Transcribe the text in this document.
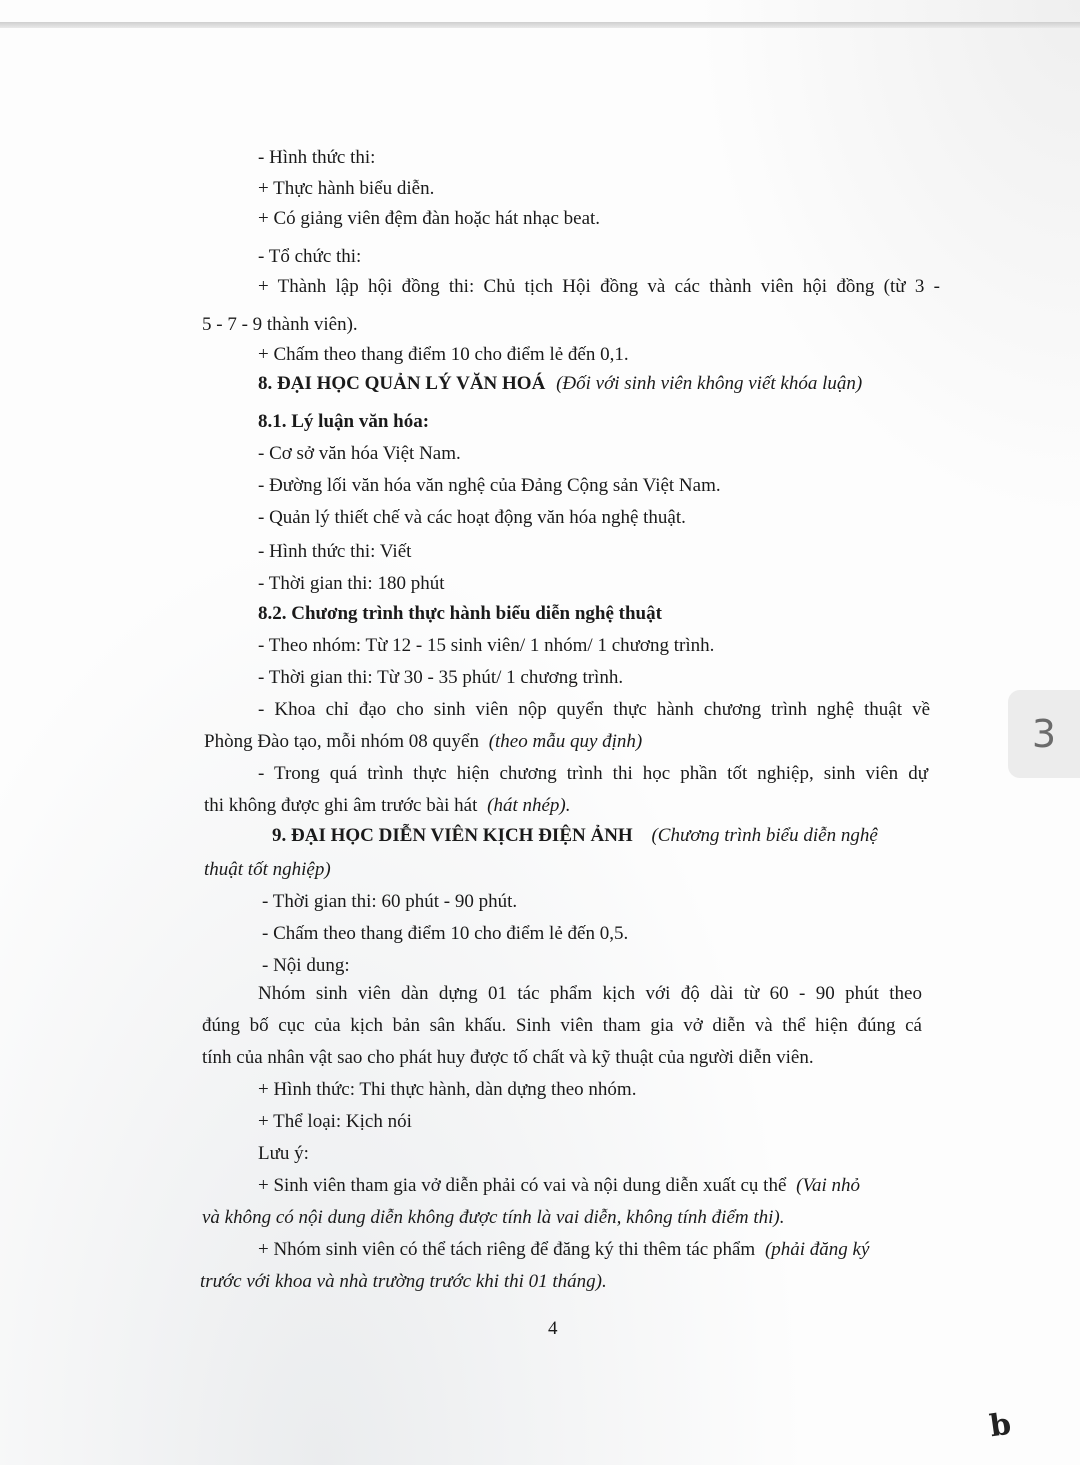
- Hình thức thi:
+ Thực hành biểu diễn.
+ Có giảng viên đệm đàn hoặc hát nhạc beat.
- Tổ chức thi:
+ Thành lập hội đồng thi: Chủ tịch Hội đồng và các thành viên hội đồng (từ 3 -
5 - 7 - 9 thành viên).
+ Chấm theo thang điểm 10 cho điểm lẻ đến 0,1.
8. ĐẠI HỌC QUẢN LÝ VĂN HOÁ (Đối với sinh viên không viết khóa luận)
8.1. Lý luận văn hóa:
- Cơ sở văn hóa Việt Nam.
- Đường lối văn hóa văn nghệ của Đảng Cộng sản Việt Nam.
- Quản lý thiết chế và các hoạt động văn hóa nghệ thuật.
- Hình thức thi: Viết
- Thời gian thi: 180 phút
8.2. Chương trình thực hành biểu diễn nghệ thuật
- Theo nhóm: Từ 12 - 15 sinh viên/ 1 nhóm/ 1 chương trình.
- Thời gian thi: Từ 30 - 35 phút/ 1 chương trình.
- Khoa chỉ đạo cho sinh viên nộp quyển thực hành chương trình nghệ thuật về
Phòng Đào tạo, mỗi nhóm 08 quyển (theo mẫu quy định)
- Trong quá trình thực hiện chương trình thi học phần tốt nghiệp, sinh viên dự
thi không được ghi âm trước bài hát (hát nhép).
9. ĐẠI HỌC DIỄN VIÊN KỊCH ĐIỆN ẢNH (Chương trình biểu diễn nghệ
thuật tốt nghiệp)
- Thời gian thi: 60 phút - 90 phút.
- Chấm theo thang điểm 10 cho điểm lẻ đến 0,5.
- Nội dung:
Nhóm sinh viên dàn dựng 01 tác phẩm kịch với độ dài từ 60 - 90 phút theo
đúng bố cục của kịch bản sân khấu. Sinh viên tham gia vở diễn và thể hiện đúng cá
tính của nhân vật sao cho phát huy được tố chất và kỹ thuật của người diễn viên.
+ Hình thức: Thi thực hành, dàn dựng theo nhóm.
+ Thể loại: Kịch nói
Lưu ý:
+ Sinh viên tham gia vở diễn phải có vai và nội dung diễn xuất cụ thể (Vai nhỏ
và không có nội dung diễn không được tính là vai diễn, không tính điểm thi).
+ Nhóm sinh viên có thể tách riêng để đăng ký thi thêm tác phẩm (phải đăng ký
trước với khoa và nhà trường trước khi thi 01 tháng).
4
b
3
